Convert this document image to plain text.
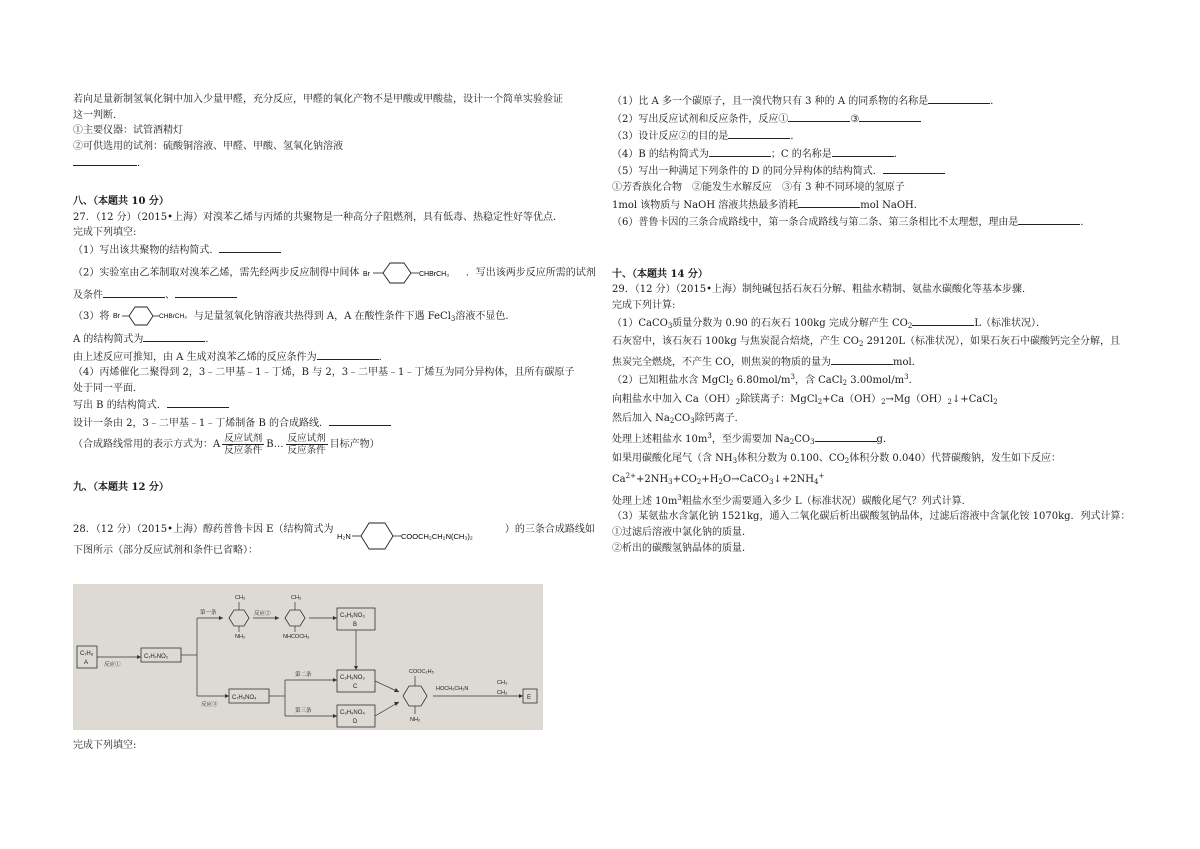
若向足量新制氢氧化铜中加入少量甲醛，充分反应，甲醛的氧化产物不是甲酸或甲酸盐，设计一个简单实验验证
这一判断．
①主要仪器：试管酒精灯
②可供选用的试剂：硫酸铜溶液、甲醛、甲酸、氢氧化钠溶液
．
八、（本题共 10 分）
27．（12 分）（2015•上海）对溴苯乙烯与丙烯的共聚物是一种高分子阻燃剂，具有低毒、热稳定性好等优点．
完成下列填空:
（1）写出该共聚物的结构简式．
（2）实验室由乙苯制取对溴苯乙烯，需先经两步反应制得中间体 Br	CHBrCH₃ ．写出该两步反应所需的试剂
及条件	、
（3）将 Br	CHBrCH₃ 与足量氢氧化钠溶液共热得到 A，A 在酸性条件下遇 FeCl$_3$溶液不显色．
A 的结构简式为	．
由上述反应可推知，由 A 生成对溴苯乙烯的反应条件为	．
（4）丙烯催化二聚得到 2，3﹣二甲基﹣1﹣丁烯，B 与 2，3﹣二甲基﹣1﹣丁烯互为同分异构体，且所有碳原子
处于同一平面．
写出 B 的结构简式．
设计一条由 2，3﹣二甲基﹣1﹣丁烯制备 B 的合成路线．
（合成路线常用的表示方式为：A $\frac{\text{反应试剂}}{\text{反应条件}}$ B… $\frac{\text{反应试剂}}{\text{反应条件}}$ 目标产物）
九、（本题共 12 分）
28．（12 分）（2015•上海）醇药普鲁卡因 E（结构简式为
H₂N	COOCH₂CH₂N(CH₃)₂
）的三条合成路线如
下图所示（部分反应试剂和条件已省略）：
C₇H₈
A	反应①
C₇H₇NO₂
第一条
CH₃
NH₂
反应②
CH₃
NHCOCH₃
C₉H₉NO₃
B
反应③
C₇H₅NO₄
第二条
第三条
C₉H₉NO₃
C
C₉H₉NO₄
D
COOC₂H₅
NH₂
HOCH₂CH₂N
CH₃
CH₃
E
完成下列填空:
（1）比 A 多一个碳原子，且一溴代物只有 3 种的 A 的同系物的名称是	．
（2）写出反应试剂和反应条件，反应①	③
（3）设计反应②的目的是	．
（4）B 的结构简式为	；C 的名称是	．
（5）写出一种满足下列条件的 D 的同分异构体的结构简式．
①芳香族化合物　②能发生水解反应　③有 3 种不同环境的氢原子
1mol 该物质与 NaOH 溶液共热最多消耗	mol NaOH．
（6）普鲁卡因的三条合成路线中，第一条合成路线与第二条、第三条相比不太理想，理由是	．
十、（本题共 14 分）
29．（12 分）（2015•上海）制纯碱包括石灰石分解、粗盐水精制、氨盐水碳酸化等基本步骤．
完成下列计算:
（1）CaCO$_3$质量分数为 0.90 的石灰石 100kg 完成分解产生 $CO_2$	L（标准状况）．
石灰窑中，该石灰石 100kg 与焦炭混合焙烧，产生 $CO_2$ 29120L（标准状况），如果石灰石中碳酸钙完全分解，且
焦炭完全燃烧，不产生 CO，则焦炭的物质的量为	mol．
（2）已知粗盐水含 MgCl$_2$ $6.80mol/m^3$，含 CaCl$_2$ $3.00mol/m^3$．
向粗盐水中加入 $Ca(OH)_2$除镁离子：$MgCl_2+Ca(OH)_2\to Mg(OH)_2↓+CaCl_2$
然后加入 $Na_2CO_3$除钙离子．
处理上述粗盐水 $10m^3$，至少需要加 $Na_2CO_3$	g．
如果用碳酸化尾气（含 $NH_3$体积分数为 0.100、$CO_2$体积分数 0.040）代替碳酸钠，发生如下反应：
$Ca^{2+}+2NH_3+CO_2+H_2O\to CaCO_3↓+2NH_4^+$
处理上述 $10m^3$粗盐水至少需要通入多少 L（标准状况）碳酸化尾气？列式计算．
（3）某氨盐水含氯化钠 1521kg，通入二氧化碳后析出碳酸氢钠晶体，过滤后溶液中含氯化铵 1070kg．列式计算：
①过滤后溶液中氯化钠的质量．
②析出的碳酸氢钠晶体的质量．
